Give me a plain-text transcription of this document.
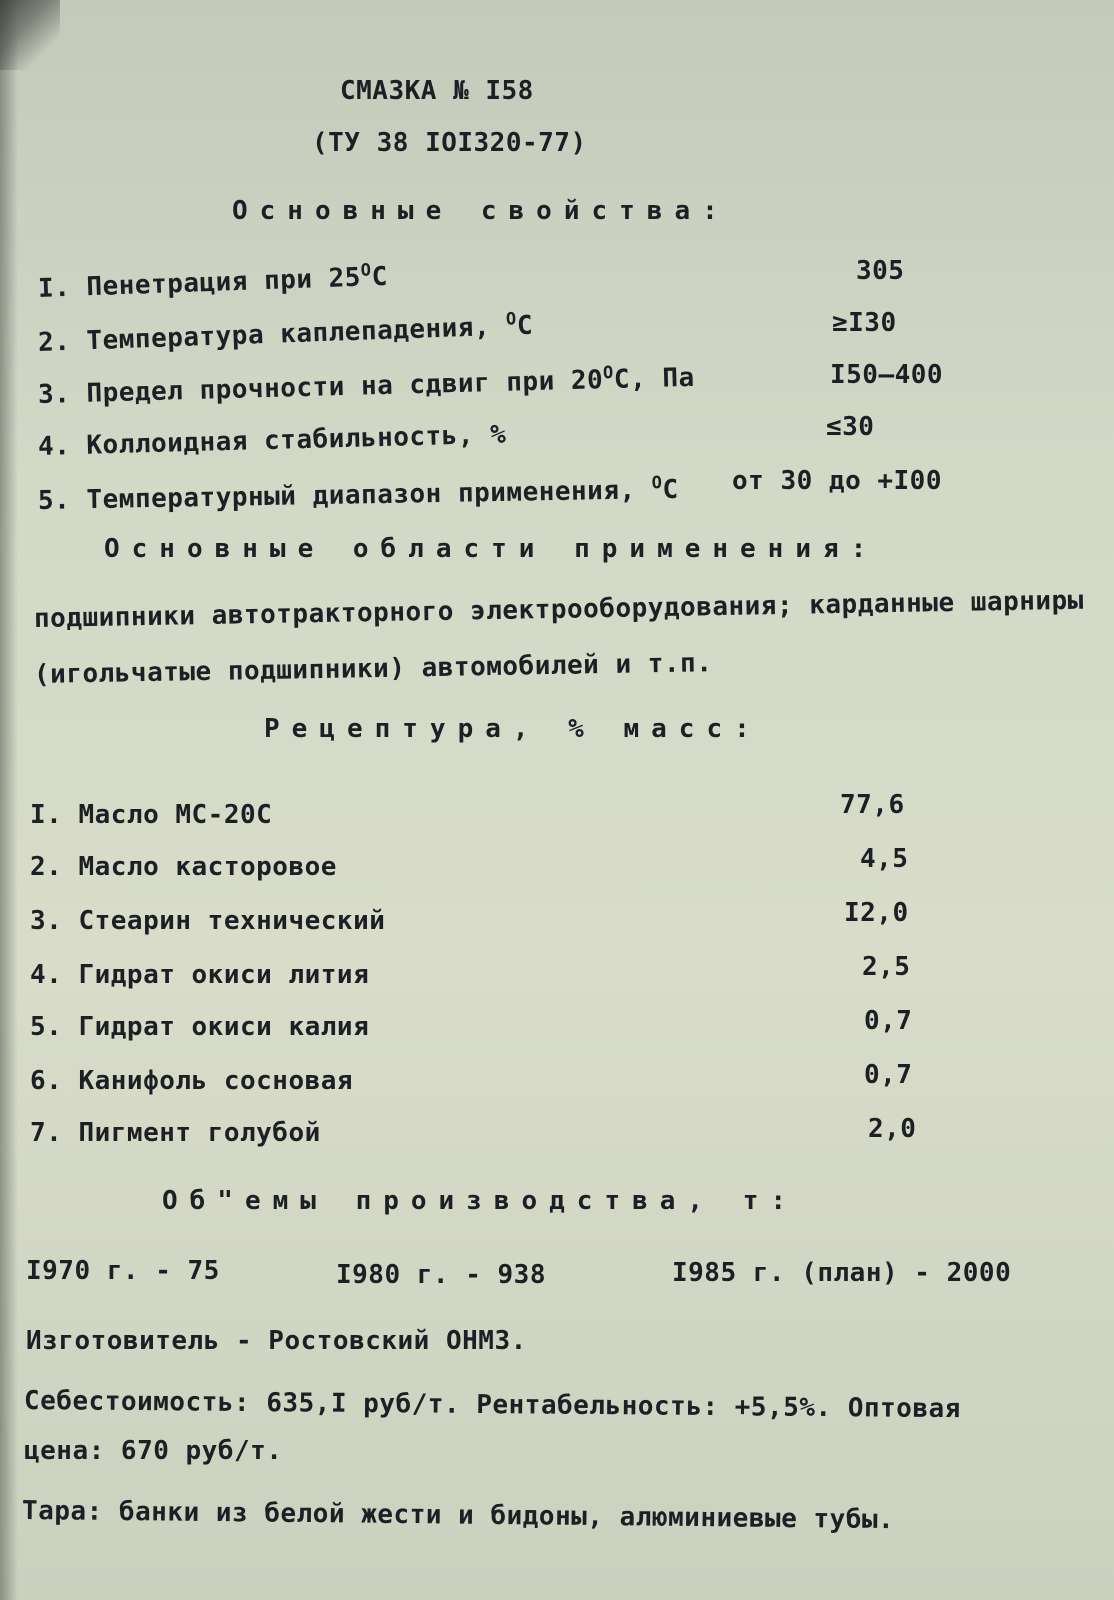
СМАЗКА № I58
(ТУ 38 IOI320-77)
Основные свойства:
I. Пенетрация при $25^ОС$	305
2. Температура каплепадения, $^О$С	≥I30
3. Предел прочности на сдвиг при $20^ОС$, Па	I50–400
4. Коллоидная стабильность, %	≤30
5. Температурный диапазон применения, $^О$С от 30 до +I00
Основные области применения:
подшипники автотракторного электрооборудования; карданные шарниры
(игольчатые подшипники) автомобилей и т.п.
Рецептура, % масс:
I. Масло МС-20С	77,6
2. Масло касторовое	4,5
3. Стеарин технический	I2,0
4. Гидрат окиси лития	2,5
5. Гидрат окиси калия	0,7
6. Канифоль сосновая	0,7
7. Пигмент голубой	2,0
Об"емы производства, т:
I970 г. - 75	I980 г. - 938	I985 г. (план) - 2000
Изготовитель - Ростовский ОНМЗ.
Себестоимость: 635,I руб/т. Рентабельность: +5,5%. Оптовая
цена: 670 руб/т.
Тара: банки из белой жести и бидоны, алюминиевые тубы.
